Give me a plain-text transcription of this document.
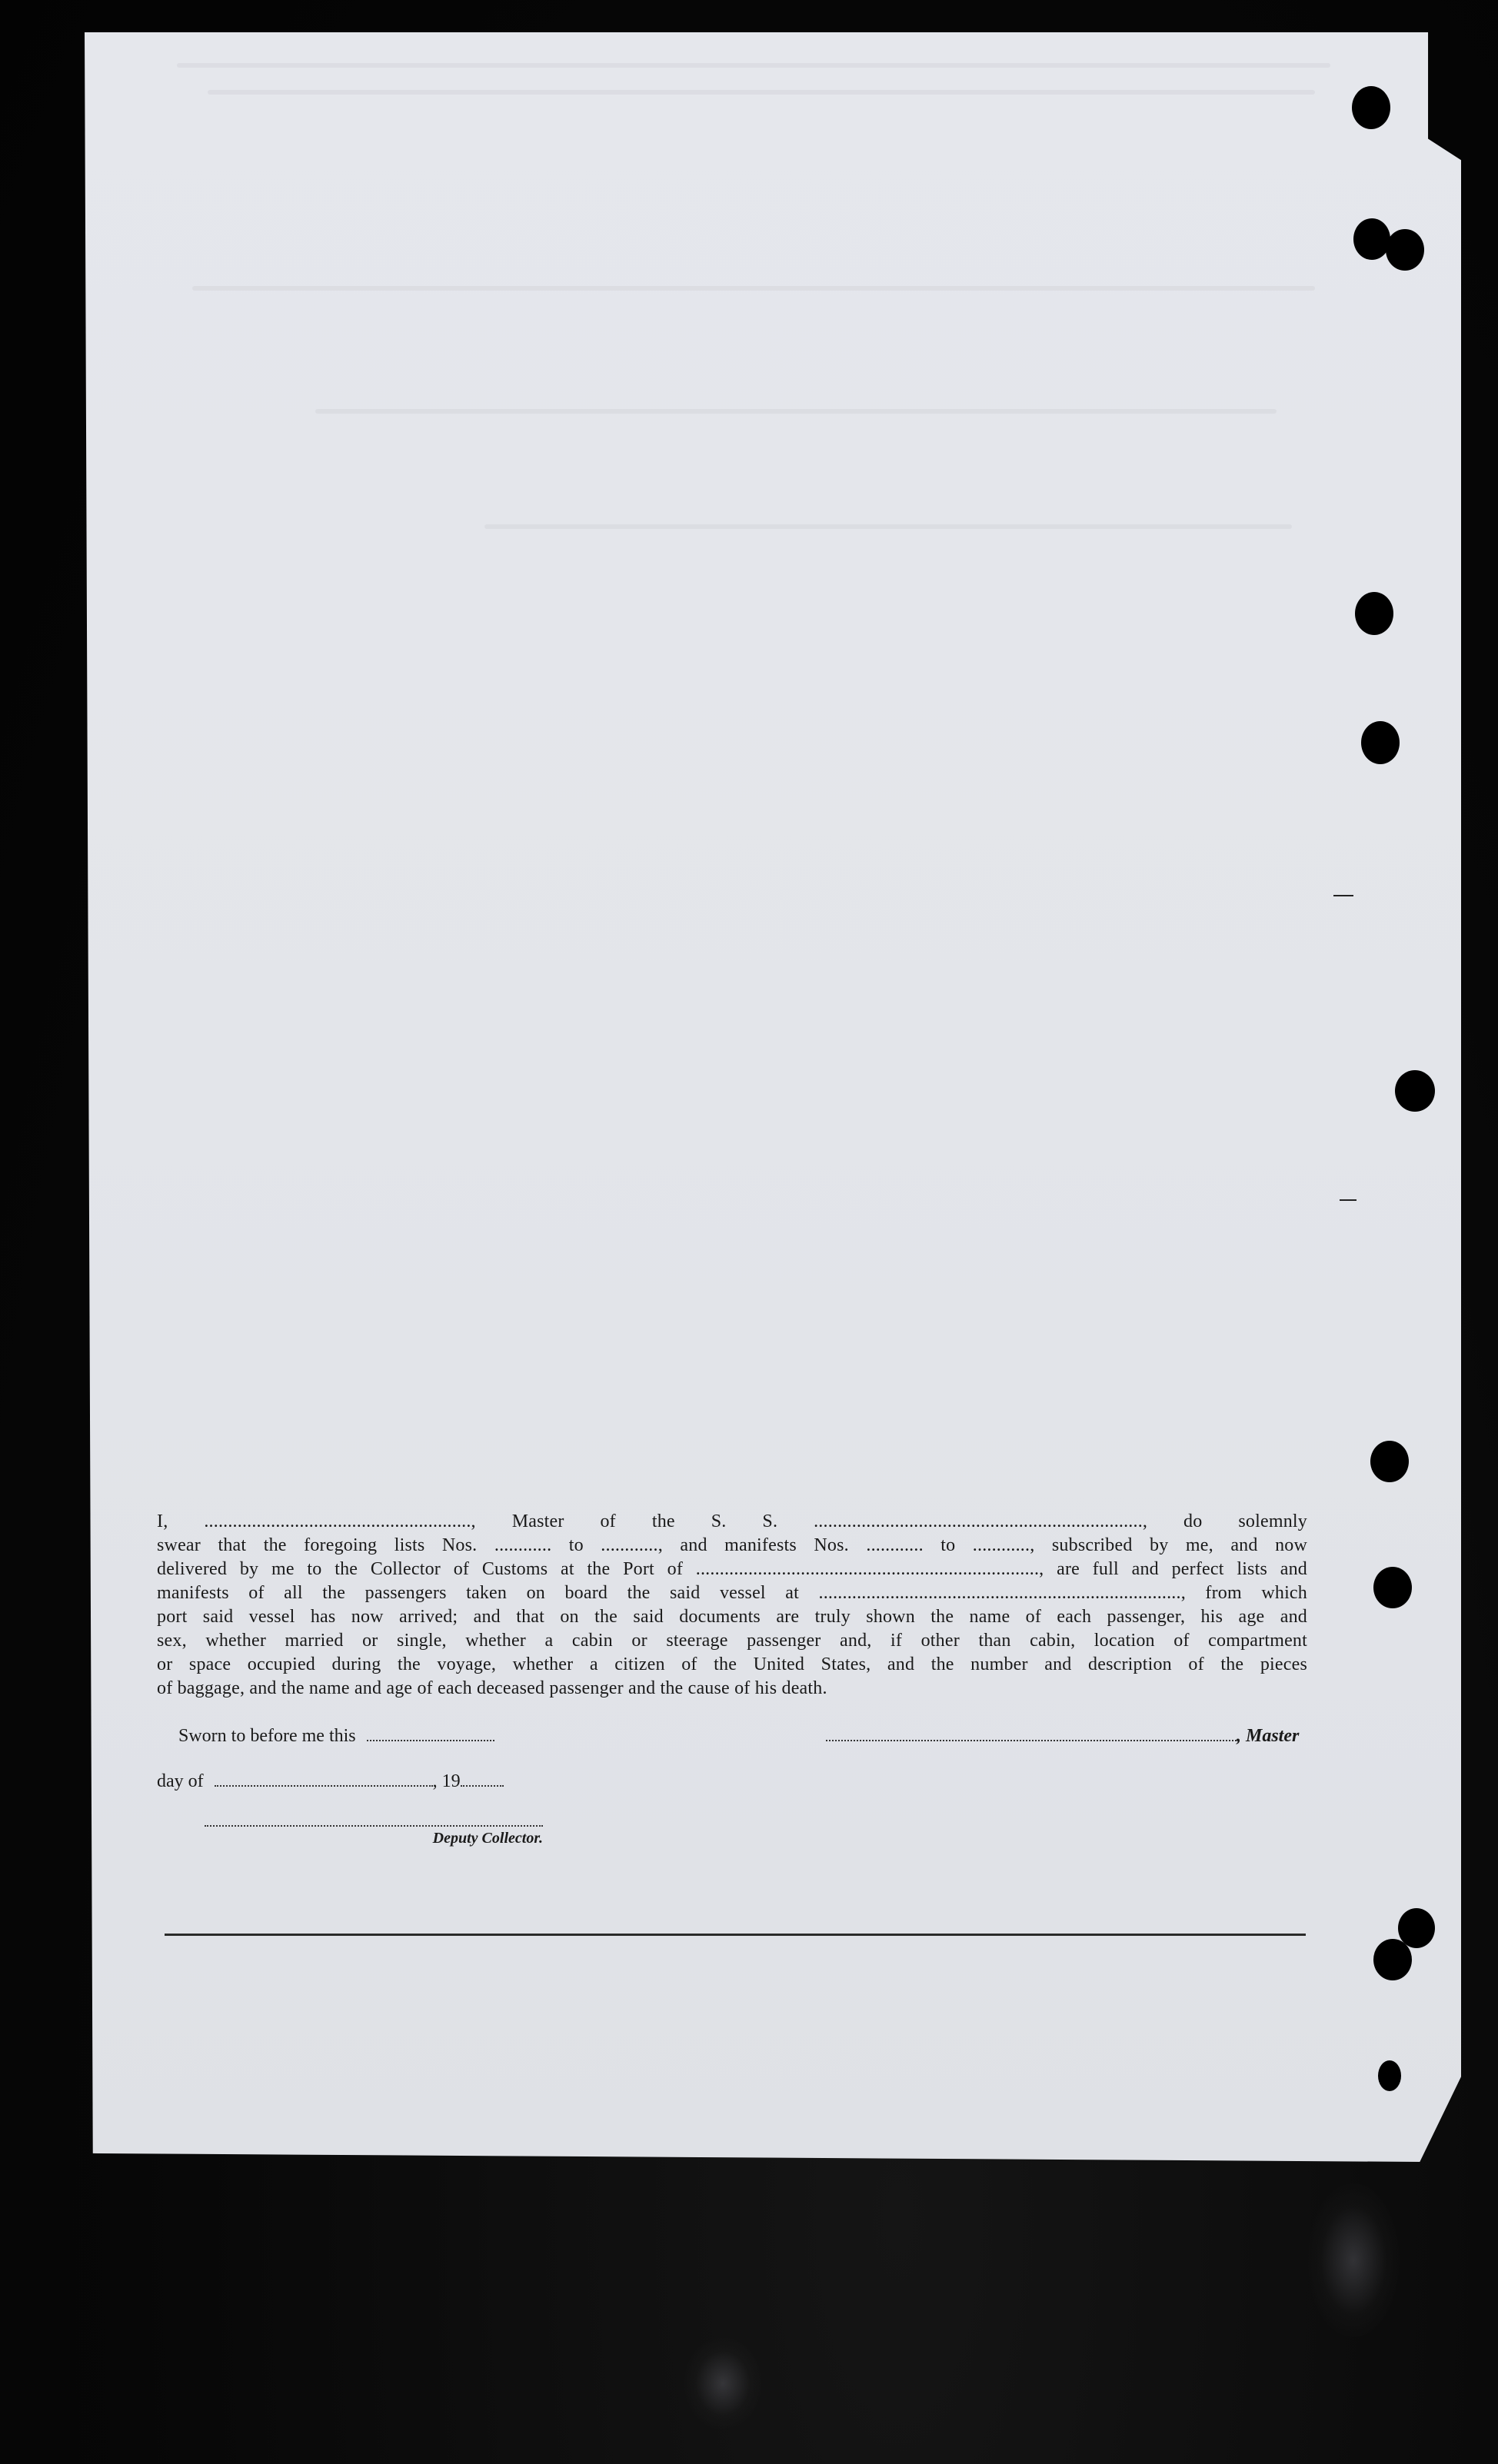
I, ........................................................, Master of the S. S. ....................................................................., do solemnly

swear that the foregoing lists Nos. ............ to ............, and manifests Nos. ............ to ............, subscribed by me, and now

delivered by me to the Collector of Customs at the Port of ........................................................................, are full and perfect lists and

manifests of all the passengers taken on board the said vessel at ............................................................................, from which

port said vessel has now arrived; and that on the said documents are truly shown the name of each passenger, his age and

sex, whether married or single, whether a cabin or steerage passenger and, if other than cabin, location of compartment

or space occupied during the voyage, whether a citizen of the United States, and the number and description of the pieces

of baggage, and the name and age of each deceased passenger and the cause of his death.

Sworn to before me this	, Master
day of	, 19
Deputy Collector.
